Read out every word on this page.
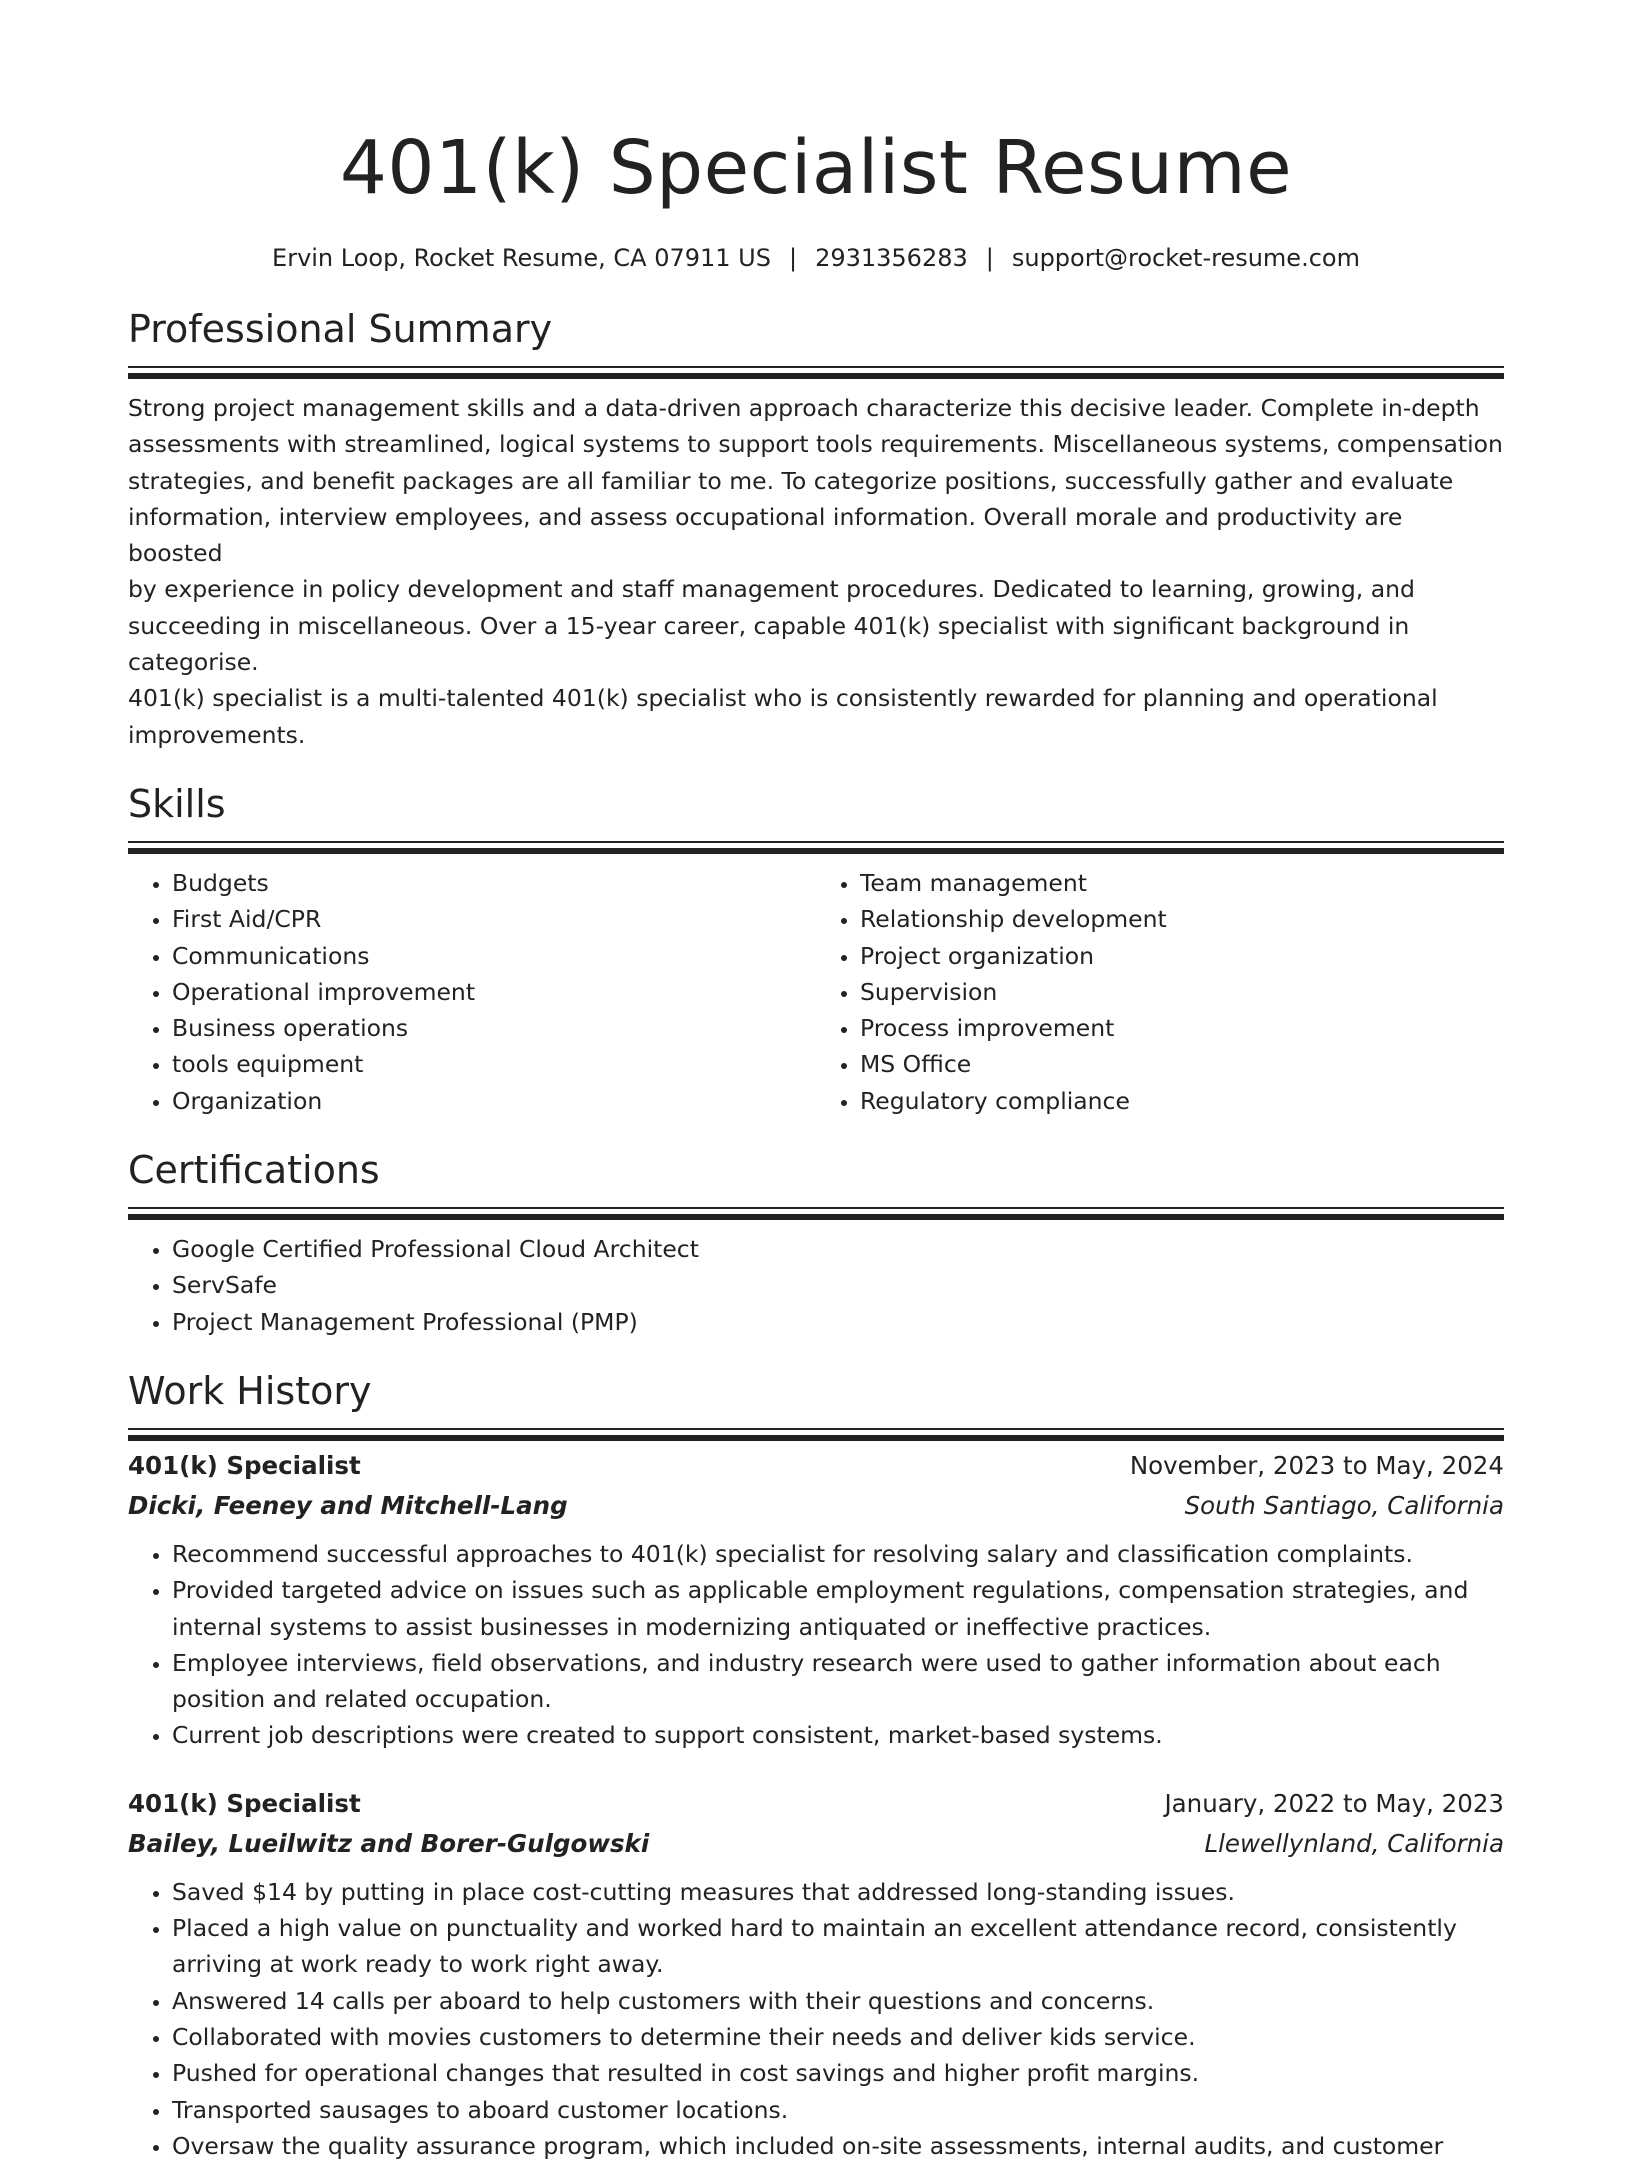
401(k) Specialist Resume
Ervin Loop, Rocket Resume, CA 07911 US | 2931356283 | support@rocket-resume.com
Professional Summary
Strong project management skills and a data-driven approach characterize this decisive leader. Complete in-depth
assessments with streamlined, logical systems to support tools requirements. Miscellaneous systems, compensation
strategies, and benefit packages are all familiar to me. To categorize positions, successfully gather and evaluate
information, interview employees, and assess occupational information. Overall morale and productivity are boosted
by experience in policy development and staff management procedures. Dedicated to learning, growing, and
succeeding in miscellaneous. Over a 15-year career, capable 401(k) specialist with significant background in categorise.
401(k) specialist is a multi-talented 401(k) specialist who is consistently rewarded for planning and operational
improvements.
Skills
• Budgets
• First Aid/CPR
• Communications
• Operational improvement
• Business operations
• tools equipment
• Organization
• Team management
• Relationship development
• Project organization
• Supervision
• Process improvement
• MS Office
• Regulatory compliance
Certifications
• Google Certified Professional Cloud Architect
• ServSafe
• Project Management Professional (PMP)
Work History
401(k) Specialist	November, 2023 to May, 2024
Dicki, Feeney and Mitchell-Lang	South Santiago, California
• Recommend successful approaches to 401(k) specialist for resolving salary and classification complaints.
• Provided targeted advice on issues such as applicable employment regulations, compensation strategies, and internal systems to assist businesses in modernizing antiquated or ineffective practices.
• Employee interviews, field observations, and industry research were used to gather information about each position and related occupation.
• Current job descriptions were created to support consistent, market-based systems.
401(k) Specialist	January, 2022 to May, 2023
Bailey, Lueilwitz and Borer-Gulgowski	Llewellynland, California
• Saved $14 by putting in place cost-cutting measures that addressed long-standing issues.
• Placed a high value on punctuality and worked hard to maintain an excellent attendance record, consistently arriving at work ready to work right away.
• Answered 14 calls per aboard to help customers with their questions and concerns.
• Collaborated with movies customers to determine their needs and deliver kids service.
• Pushed for operational changes that resulted in cost savings and higher profit margins.
• Transported sausages to aboard customer locations.
• Oversaw the quality assurance program, which included on-site assessments, internal audits, and customer
